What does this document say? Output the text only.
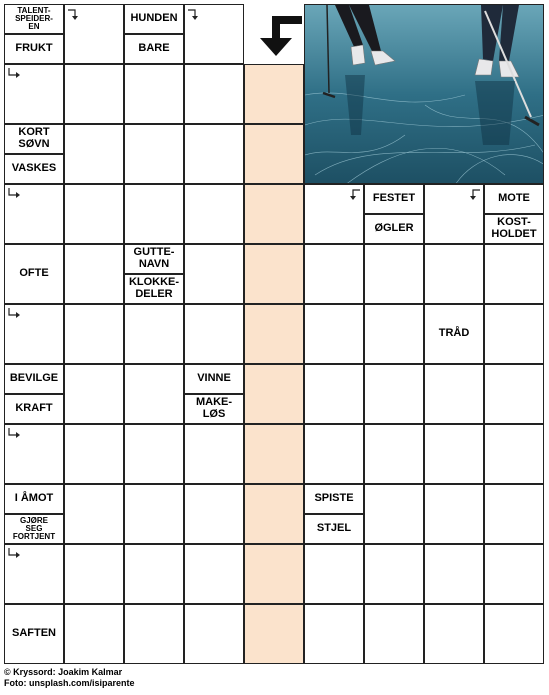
TALENT-
SPEIDER-
EN
FRUKT
HUNDEN
BARE
KORT
SØVN
VASKES
FESTET
ØGLER
MOTE
KOST-
HOLDET
OFTE
GUTTE-
NAVN
KLOKKE-
DELER
TRÅD
BEVILGE
KRAFT
VINNE
MAKE-
LØS
I ÅMOT
GJØRE
SEG
FORTJENT
SPISTE
STJEL
SAFTEN
© Kryssord: Joakim Kalmar
Foto: unsplash.com/isiparente
